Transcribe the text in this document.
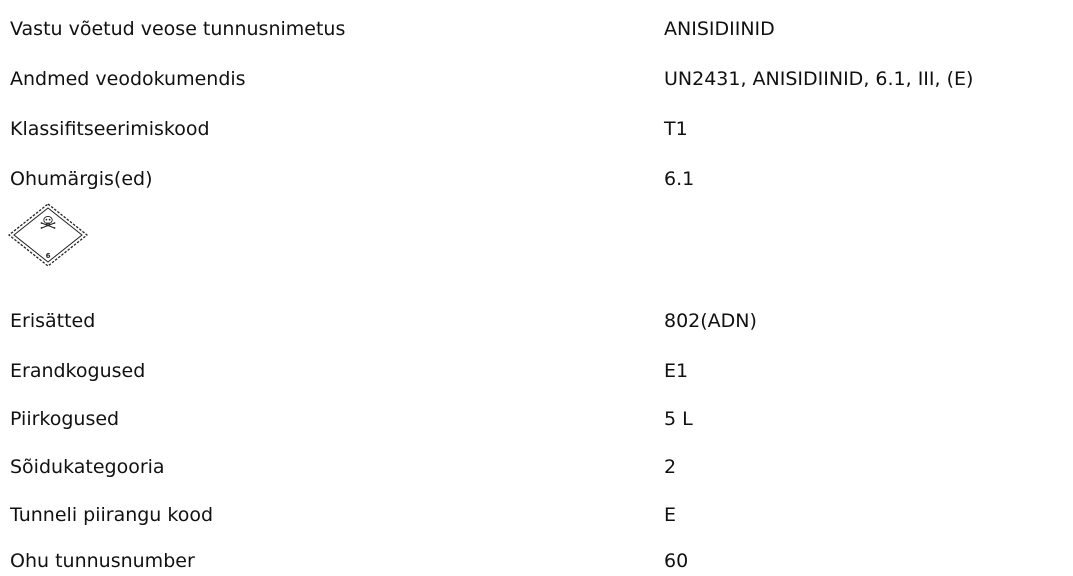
Vastu võetud veose tunnusnimetus	ANISIDIINID
Andmed veodokumendis	UN2431, ANISIDIINID, 6.1, III, (E)
Klassifitseerimiskood	T1
Ohumärgis(ed)	6.1
6
Erisätted	802(ADN)
Erandkogused	E1
Piirkogused	5 L
Sõidukategooria	2
Tunneli piirangu kood	E
Ohu tunnusnumber	60
